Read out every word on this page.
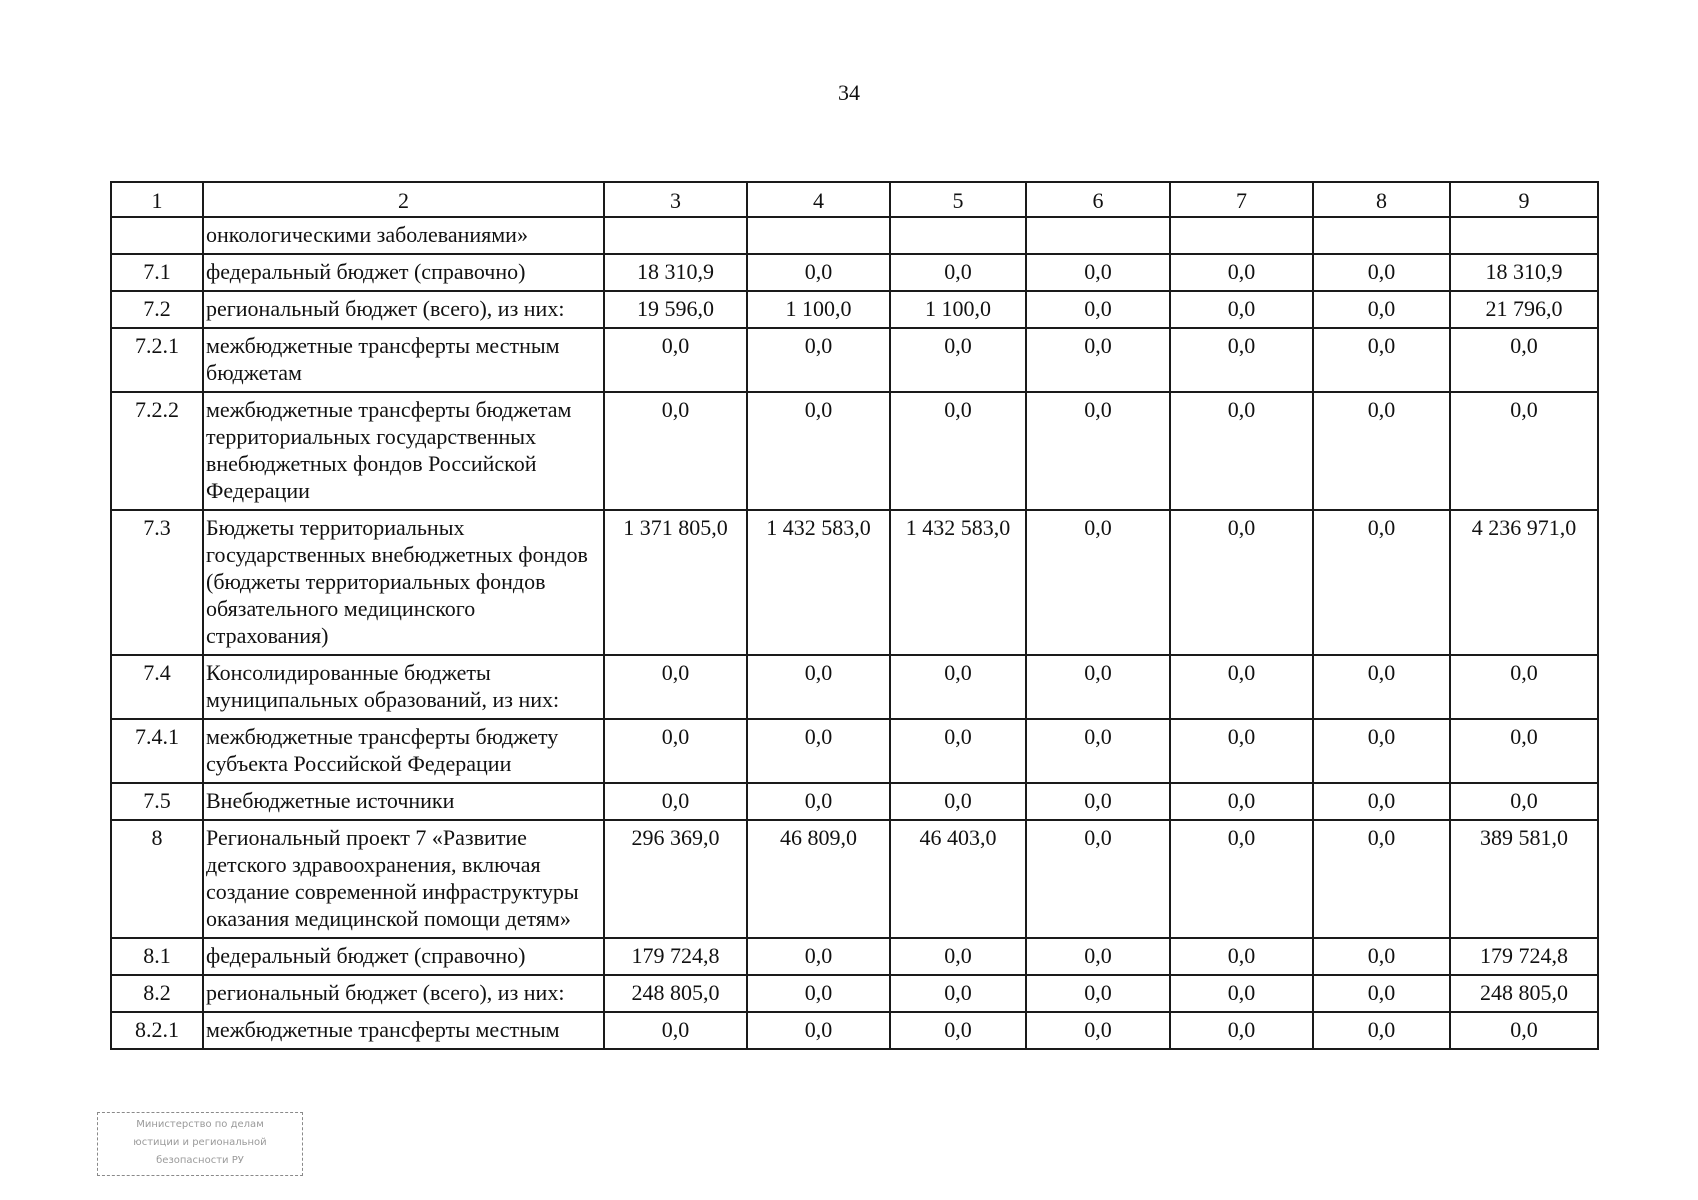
34
1	2	3	4	5	6	7	8	9
	онкологическими заболеваниями»							
7.1	федеральный бюджет (справочно)	18 310,9	0,0	0,0	0,0	0,0	0,0	18 310,9
7.2	региональный бюджет (всего), из них:	19 596,0	1 100,0	1 100,0	0,0	0,0	0,0	21 796,0
7.2.1	межбюджетные трансферты местным бюджетам	0,0	0,0	0,0	0,0	0,0	0,0	0,0
7.2.2	межбюджетные трансферты бюджетам территориальных государственных внебюджетных фондов Российской Федерации	0,0	0,0	0,0	0,0	0,0	0,0	0,0
7.3	Бюджеты территориальных государственных внебюджетных фондов (бюджеты территориальных фондов обязательного медицинского страхования)	1 371 805,0	1 432 583,0	1 432 583,0	0,0	0,0	0,0	4 236 971,0
7.4	Консолидированные бюджеты муниципальных образований, из них:	0,0	0,0	0,0	0,0	0,0	0,0	0,0
7.4.1	межбюджетные трансферты бюджету субъекта Российской Федерации	0,0	0,0	0,0	0,0	0,0	0,0	0,0
7.5	Внебюджетные источники	0,0	0,0	0,0	0,0	0,0	0,0	0,0
8	Региональный проект 7 «Развитие детского здравоохранения, включая создание современной инфраструктуры оказания медицинской помощи детям»	296 369,0	46 809,0	46 403,0	0,0	0,0	0,0	389 581,0
8.1	федеральный бюджет (справочно)	179 724,8	0,0	0,0	0,0	0,0	0,0	179 724,8
8.2	региональный бюджет (всего), из них:	248 805,0	0,0	0,0	0,0	0,0	0,0	248 805,0
8.2.1	межбюджетные трансферты местным	0,0	0,0	0,0	0,0	0,0	0,0	0,0
Министерство по делам
юстиции и региональной
безопасности РУ
